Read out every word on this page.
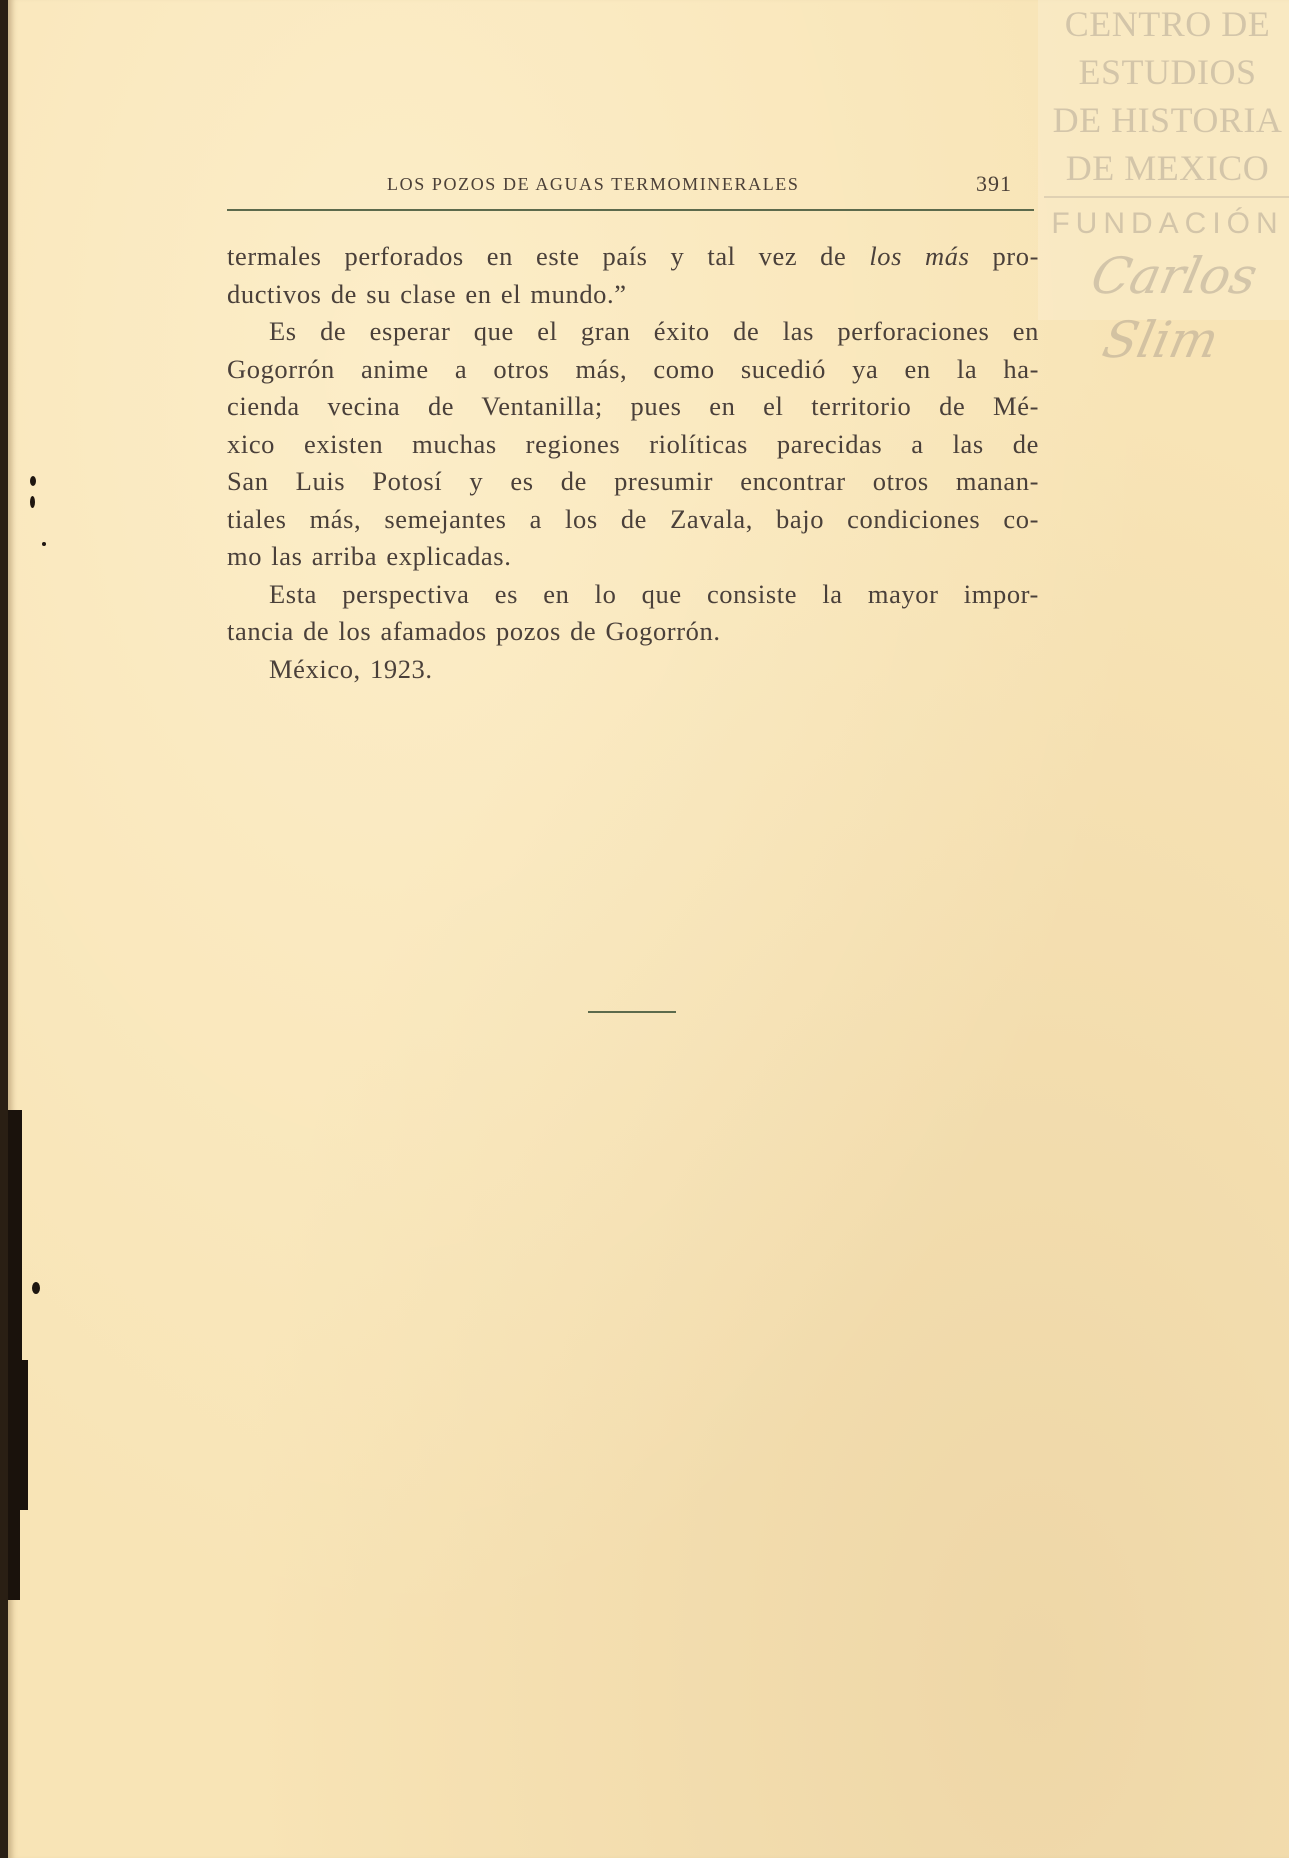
CENTRO DE
ESTUDIOS
DE HISTORIA
DE MEXICO
FUNDACIÓN
Carlos Slim
LOS POZOS DE AGUAS TERMOMINERALES	391
termales perforados en este país y tal vez de los más pro-
ductivos de su clase en el mundo.”
Es de esperar que el gran éxito de las perforaciones en
Gogorrón anime a otros más, como sucedió ya en la ha-
cienda vecina de Ventanilla; pues en el territorio de Mé-
xico existen muchas regiones riolíticas parecidas a las de
San Luis Potosí y es de presumir encontrar otros manan-
tiales más, semejantes a los de Zavala, bajo condiciones co-
mo las arriba explicadas.
Esta perspectiva es en lo que consiste la mayor impor-
tancia de los afamados pozos de Gogorrón.
México, 1923.
